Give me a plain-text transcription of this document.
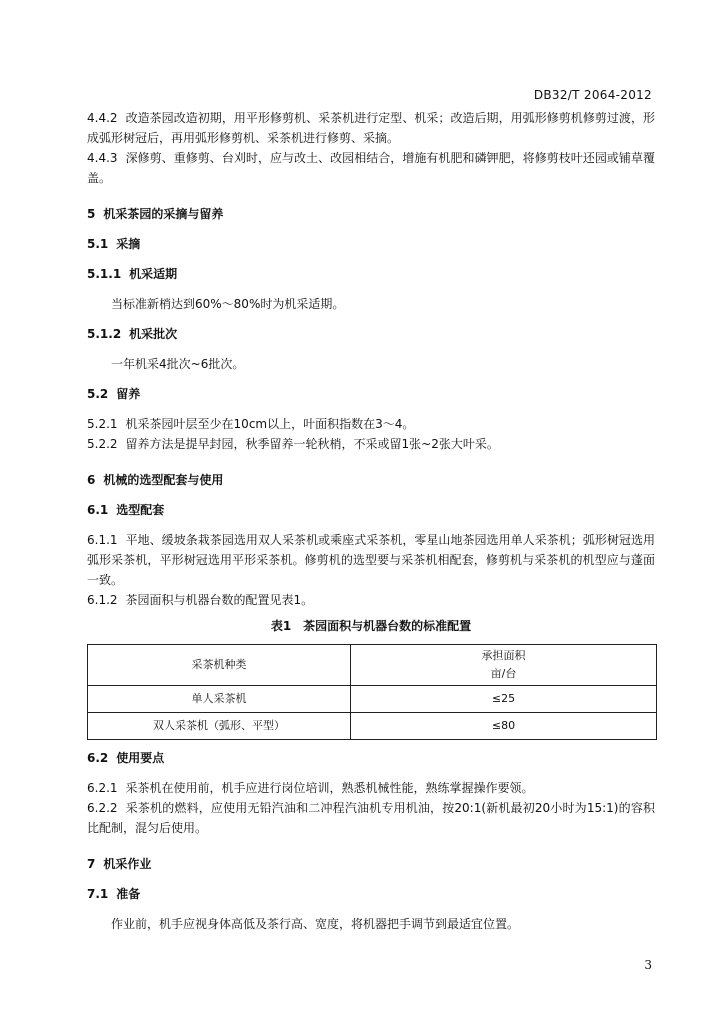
DB32/T 2064-2012

4.4.2 改造茶园改造初期，用平形修剪机、采茶机进行定型、机采；改造后期，用弧形修剪机修剪过渡，形成弧形树冠后，再用弧形修剪机、采茶机进行修剪、采摘。

4.4.3 深修剪、重修剪、台刈时，应与改土、改园相结合，增施有机肥和磷钾肥，将修剪枝叶还园或铺草覆盖。

5 机采茶园的采摘与留养

5.1 采摘

5.1.1 机采适期

当标准新梢达到60%～80%时为机采适期。

5.1.2 机采批次

一年机采4批次~6批次。

5.2 留养

5.2.1 机采茶园叶层至少在10cm以上，叶面积指数在3～4。

5.2.2 留养方法是提早封园，秋季留养一轮秋梢，不采或留1张~2张大叶采。

6 机械的选型配套与使用

6.1 选型配套

6.1.1 平地、缓坡条栽茶园选用双人采茶机或乘座式采茶机，零星山地茶园选用单人采茶机；弧形树冠选用弧形采茶机，平形树冠选用平形采茶机。修剪机的选型要与采茶机相配套，修剪机与采茶机的机型应与蓬面一致。

6.1.2 茶园面积与机器台数的配置见表1。

表1　茶园面积与机器台数的标准配置

采茶机种类	承担面积
亩/台

单人采茶机	≤25
双人采茶机（弧形、平型）	≤80

6.2 使用要点

6.2.1 采茶机在使用前，机手应进行岗位培训，熟悉机械性能，熟练掌握操作要领。

6.2.2 采茶机的燃料，应使用无铅汽油和二冲程汽油机专用机油，按20:1(新机最初20小时为15:1)的容积比配制，混匀后使用。

7 机采作业

7.1 准备

作业前，机手应视身体高低及茶行高、宽度，将机器把手调节到最适宜位置。

3
